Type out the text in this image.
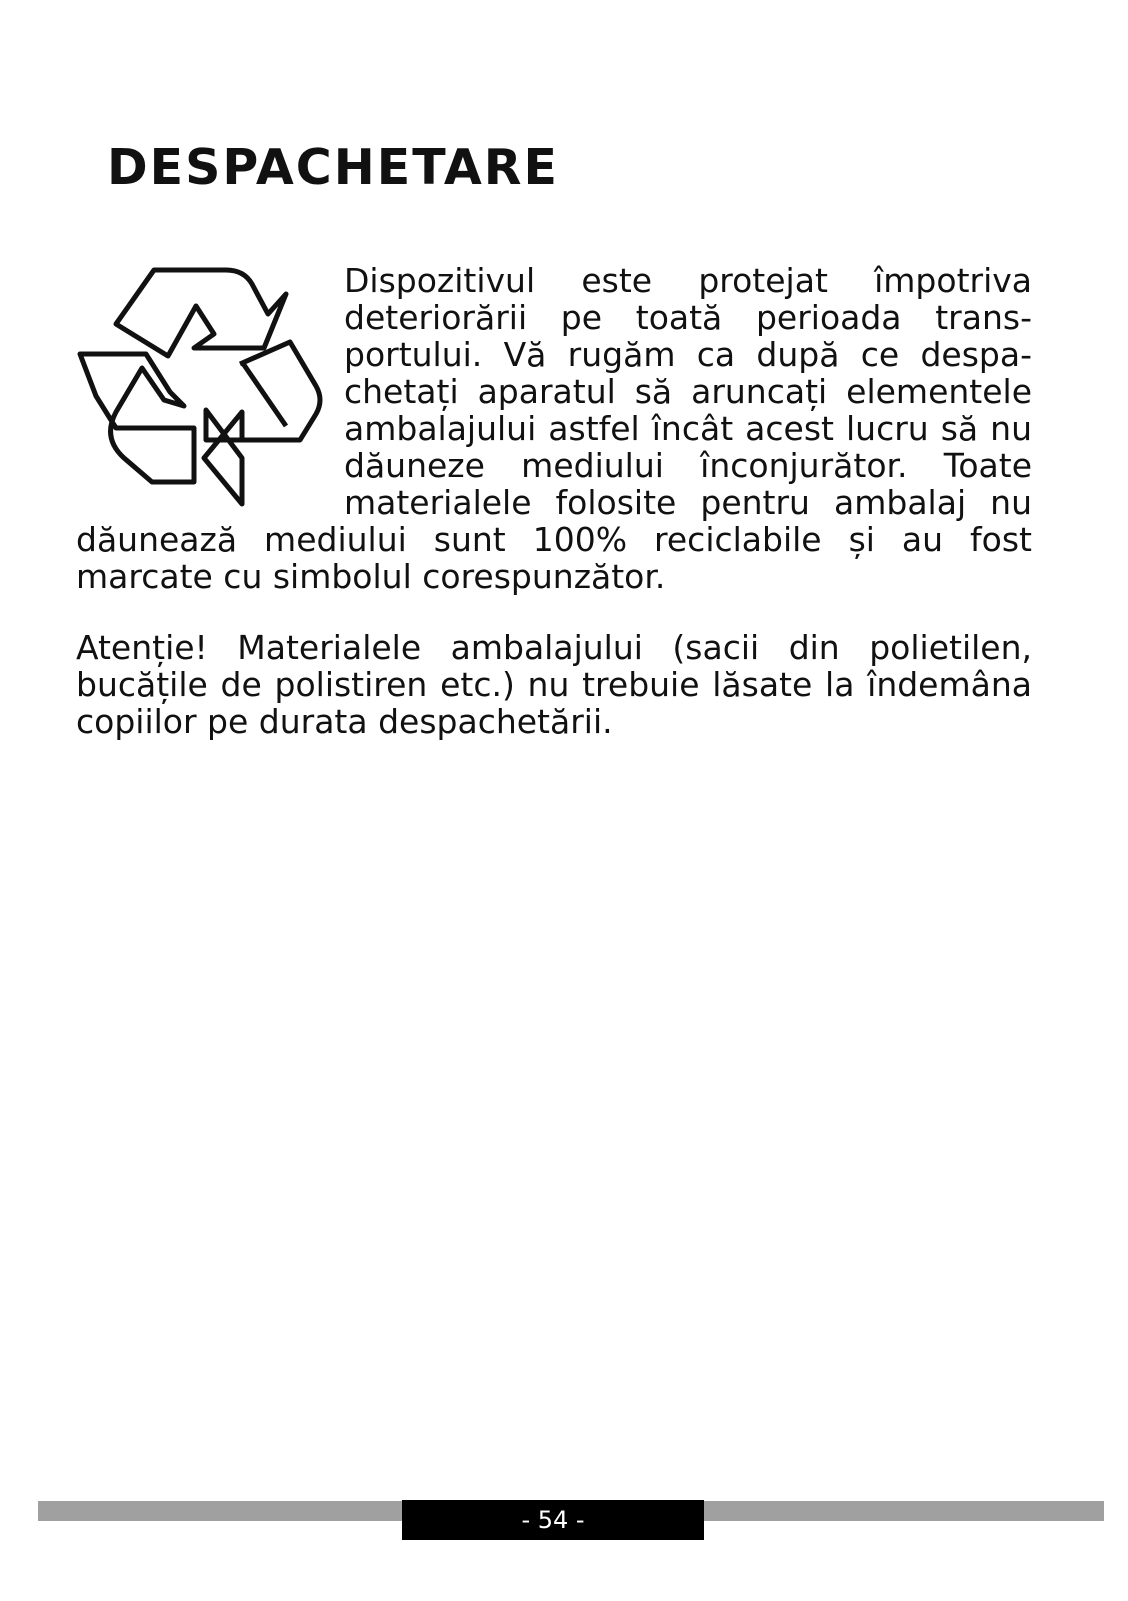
DESPACHETARE

Dispozitivul este protejat împotriva deteriorării pe toată perioada transportului. Vă rugăm ca după ce despachetați aparatul să aruncați elementele ambalajului astfel încât acest lucru să nu dăuneze mediului înconjurător. Toate materialele folosite pentru ambalaj nu dăunează mediului sunt 100% reciclabile și au fost marcate cu simbolul corespunzător.

Atenție! Materialele ambalajului (sacii din polietilen, bucățile de polistiren etc.) nu trebuie lăsate la îndemâna copiilor pe durata despachetării.

- 54 -
